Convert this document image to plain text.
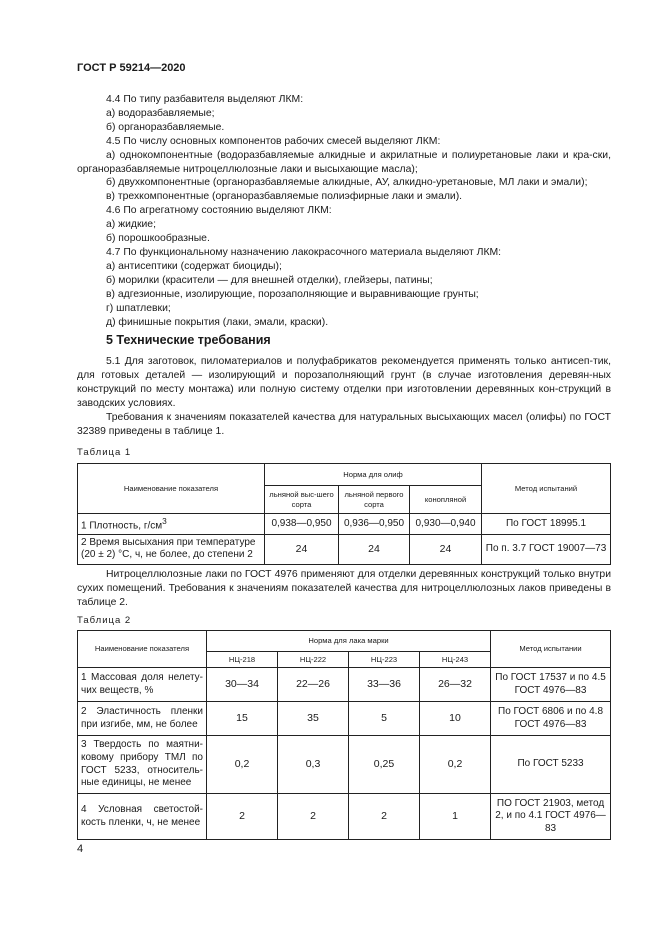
ГОСТ Р 59214—2020

4.4 По типу разбавителя выделяют ЛКМ:

а) водоразбавляемые;

б) органоразбавляемые.

4.5 По числу основных компонентов рабочих смесей выделяют ЛКМ:

а) однокомпонентные (водоразбавляемые алкидные и акрилатные и полиуретановые лаки и кра-ски, органоразбавляемые нитроцеллюлозные лаки и высыхающие масла);

б) двухкомпонентные (органоразбавляемые алкидные, АУ, алкидно-уретановые, МЛ лаки и эмали);

в) трехкомпонентные (органоразбавляемые полиэфирные лаки и эмали).

4.6 По агрегатному состоянию выделяют ЛКМ:

а) жидкие;

б) порошкообразные.

4.7 По функциональному назначению лакокрасочного материала выделяют ЛКМ:

а) антисептики (содержат биоциды);

б) морилки (красители — для внешней отделки), глейзеры, патины;

в) адгезионные, изолирующие, порозаполняющие и выравнивающие грунты;

г) шпатлевки;

д) финишные покрытия (лаки, эмали, краски).

5 Технические требования

5.1 Для заготовок, пиломатериалов и полуфабрикатов рекомендуется применять только антисеп-тик, для готовых деталей — изолирующий и порозаполняющий грунт (в случае изготовления деревян-ных конструкций по месту монтажа) или полную систему отделки при изготовлении деревянных кон-струкций в заводских условиях.

Требования к значениям показателей качества для натуральных высыхающих масел (олифы) по ГОСТ 32389 приведены в таблице 1.

Таблица 1
Наименование показателя	Норма для олиф			Метод испытаний
	льняной выс-шего сорта	льняной первого сорта	конопляной	
1 Плотность, $г/см^3$	0,938—0,950	0,936—0,950	0,930—0,940	По ГОСТ 18995.1
2 Время высыхания при температуре (20 ± 2) °С, ч, не более, до степени 2	24	24	24	По п. 3.7 ГОСТ 19007—73

Нитроцеллюлозные лаки по ГОСТ 4976 применяют для отделки деревянных конструкций только внутри сухих помещений. Требования к значениям показателей качества для нитроцеллюлозных лаков приведены в таблице 2.

Таблица 2
Наименование показателя	Норма для лака марки				Метод испытании
	НЦ-218	НЦ-222	НЦ-223	НЦ-243	
1 Массовая доля нелету-чих веществ, %	30—34	22—26	33—36	26—32	По ГОСТ 17537 и по 4.5 ГОСТ 4976—83
2 Эластичность пленки при изгибе, мм, не более	15	35	5	10	По ГОСТ 6806 и по 4.8 ГОСТ 4976—83
3 Твердость по маятни-ковому прибору ТМЛ по ГОСТ 5233, относитель-ные единицы, не менее	0,2	0,3	0,25	0,2	По ГОСТ 5233
4 Условная светостой-кость пленки, ч, не менее	2	2	2	1	ПО ГОСТ 21903, метод 2, и по 4.1 ГОСТ 4976—83
4
